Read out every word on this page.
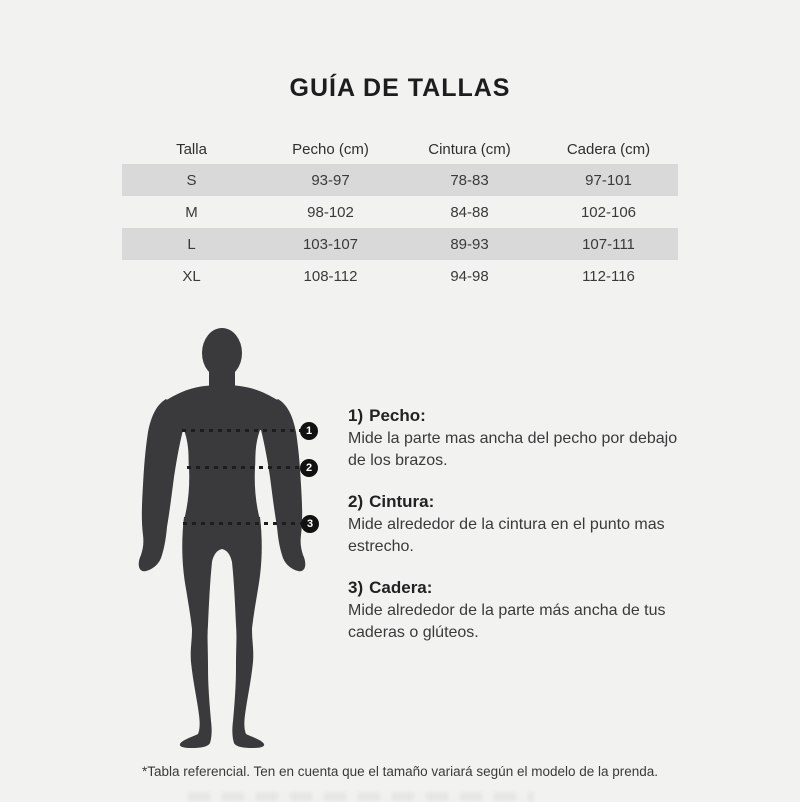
GUÍA DE TALLAS
Talla	Pecho (cm)	Cintura (cm)	Cadera (cm)
S	93-97	78-83	97-101
M	98-102	84-88	102-106
L	103-107	89-93	107-111
XL	108-112	94-98	112-116
1
2
3
1) Pecho:
Mide la parte mas ancha del pecho por debajo de los brazos.
2) Cintura:
Mide alrededor de la cintura en el punto mas estrecho.
3) Cadera:
Mide alrededor de la parte más ancha de tus caderas o glúteos.
*Tabla referencial. Ten en cuenta que el tamaño variará según el modelo de la prenda.
